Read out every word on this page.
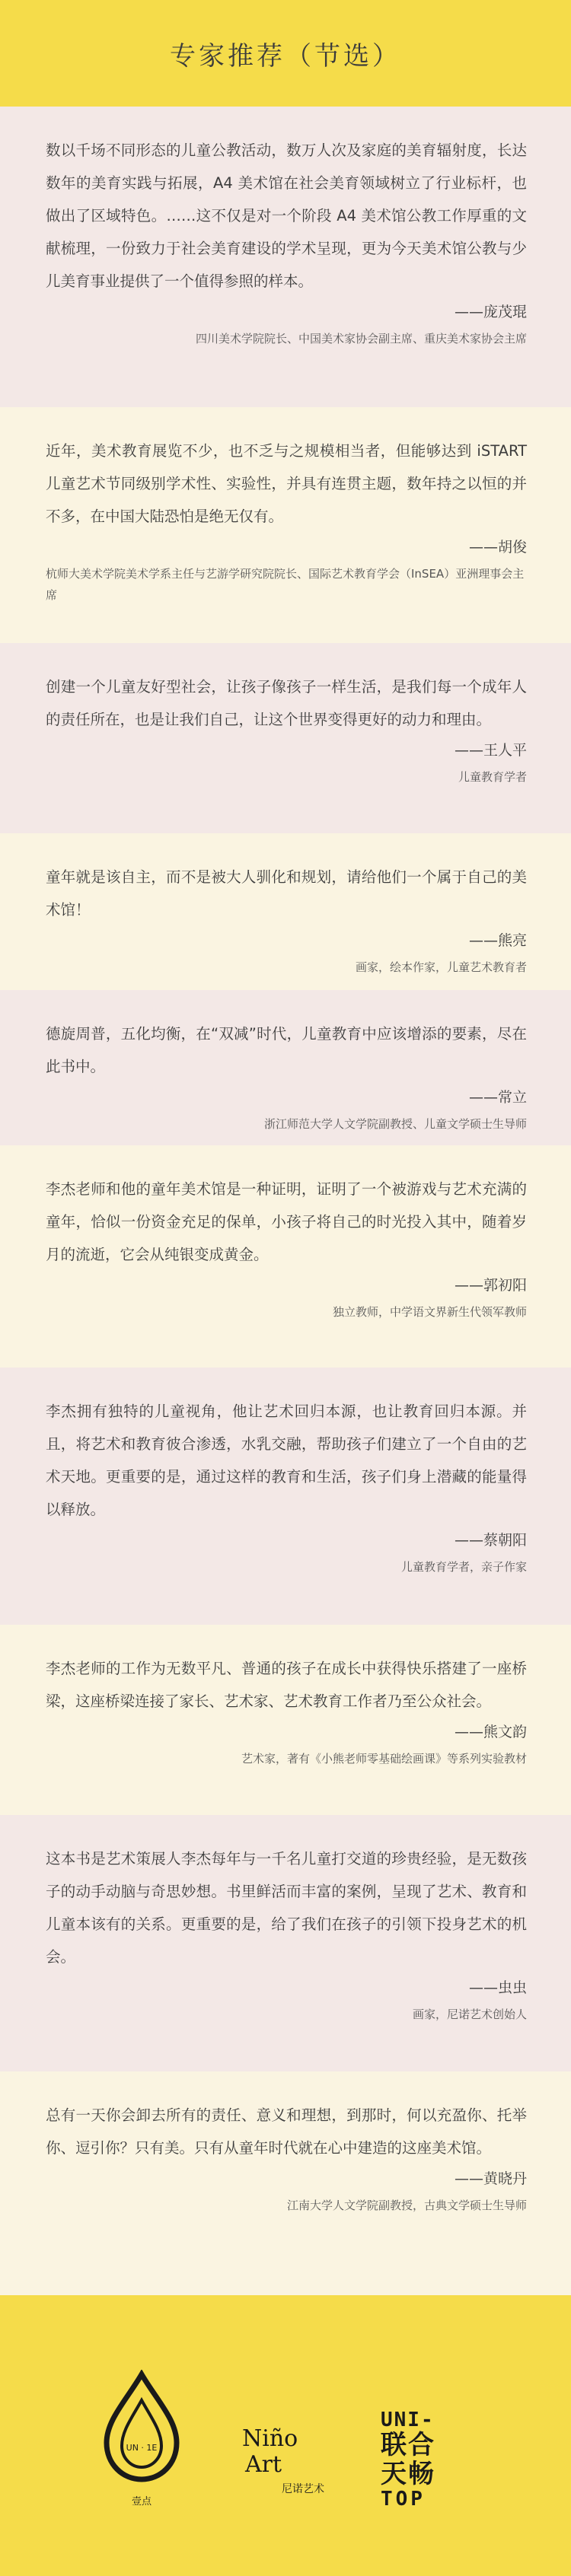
专家推荐（节选）

数以千场不同形态的儿童公教活动，数万人次及家庭的美育辐射度，长达数年的美育实践与拓展，A4 美术馆在社会美育领域树立了行业标杆，也做出了区域特色。……这不仅是对一个阶段 A4 美术馆公教工作厚重的文献梳理，一份致力于社会美育建设的学术呈现，更为今天美术馆公教与少儿美育事业提供了一个值得参照的样本。

——庞茂琨
四川美术学院院长、中国美术家协会副主席、重庆美术家协会主席

近年，美术教育展览不少，也不乏与之规模相当者，但能够达到 iSTART 儿童艺术节同级别学术性、实验性，并具有连贯主题，数年持之以恒的并不多，在中国大陆恐怕是绝无仅有。

——胡俊
杭师大美术学院美术学系主任与艺游学研究院院长、国际艺术教育学会（InSEA）亚洲理事会主席

创建一个儿童友好型社会，让孩子像孩子一样生活，是我们每一个成年人的责任所在，也是让我们自己，让这个世界变得更好的动力和理由。

——王人平
儿童教育学者

童年就是该自主，而不是被大人驯化和规划，请给他们一个属于自己的美术馆！

——熊亮
画家，绘本作家，儿童艺术教育者

德旋周普，五化均衡，在“双减”时代，儿童教育中应该增添的要素，尽在此书中。

——常立
浙江师范大学人文学院副教授、儿童文学硕士生导师

李杰老师和他的童年美术馆是一种证明，证明了一个被游戏与艺术充满的童年，恰似一份资金充足的保单，小孩子将自己的时光投入其中，随着岁月的流逝，它会从纯银变成黄金。

——郭初阳
独立教师，中学语文界新生代领军教师

李杰拥有独特的儿童视角，他让艺术回归本源，也让教育回归本源。并且，将艺术和教育彼合渗透，水乳交融，帮助孩子们建立了一个自由的艺术天地。更重要的是，通过这样的教育和生活，孩子们身上潜藏的能量得以释放。

——蔡朝阳
儿童教育学者，亲子作家

李杰老师的工作为无数平凡、普通的孩子在成长中获得快乐搭建了一座桥梁，这座桥梁连接了家长、艺术家、艺术教育工作者乃至公众社会。

——熊文韵
艺术家，著有《小熊老师零基础绘画课》等系列实验教材

这本书是艺术策展人李杰每年与一千名儿童打交道的珍贵经验，是无数孩子的动手动脑与奇思妙想。书里鲜活而丰富的案例，呈现了艺术、教育和儿童本该有的关系。更重要的是，给了我们在孩子的引领下投身艺术的机会。

——虫虫
画家，尼诺艺术创始人

总有一天你会卸去所有的责任、意义和理想，到那时，何以充盈你、托举你、逗引你？只有美。只有从童年时代就在心中建造的这座美术馆。

——黄晓丹
江南大学人文学院副教授，古典文学硕士生导师
UN · 1E
壹点
Niño
Art
尼诺艺术
UNI-
联合
天畅
TOP
